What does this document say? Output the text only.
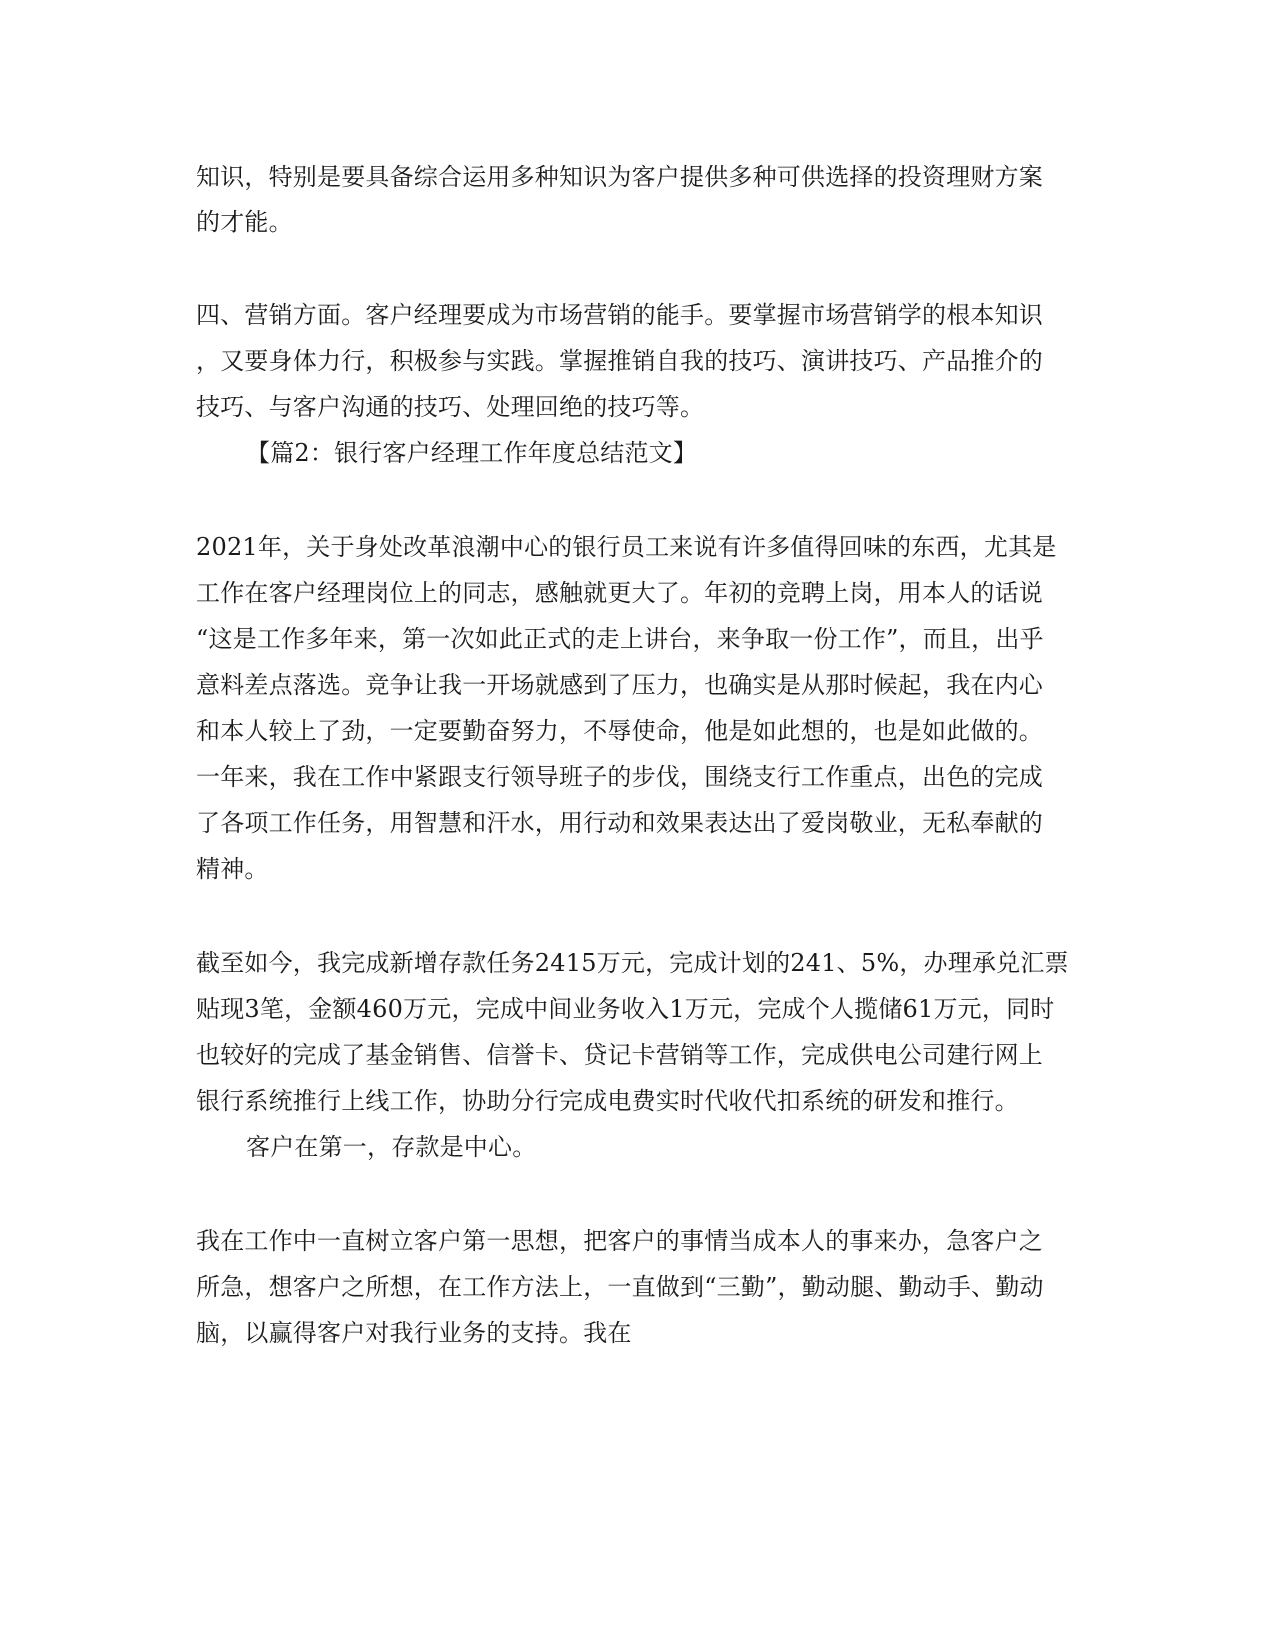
知识，特别是要具备综合运用多种知识为客户提供多种可供选择的投资理财方案
的才能。
四、营销方面。客户经理要成为市场营销的能手。要掌握市场营销学的根本知识
，又要身体力行，积极参与实践。掌握推销自我的技巧、演讲技巧、产品推介的
技巧、与客户沟通的技巧、处理回绝的技巧等。
【篇2：银行客户经理工作年度总结范文】
2021年，关于身处改革浪潮中心的银行员工来说有许多值得回味的东西，尤其是
工作在客户经理岗位上的同志，感触就更大了。年初的竞聘上岗，用本人的话说
“这是工作多年来，第一次如此正式的走上讲台，来争取一份工作”，而且，出乎
意料差点落选。竞争让我一开场就感到了压力，也确实是从那时候起，我在内心
和本人较上了劲，一定要勤奋努力，不辱使命，他是如此想的，也是如此做的。
一年来，我在工作中紧跟支行领导班子的步伐，围绕支行工作重点，出色的完成
了各项工作任务，用智慧和汗水，用行动和效果表达出了爱岗敬业，无私奉献的
精神。
截至如今，我完成新增存款任务2415万元，完成计划的241、5%，办理承兑汇票
贴现3笔，金额460万元，完成中间业务收入1万元，完成个人揽储61万元，同时
也较好的完成了基金销售、信誉卡、贷记卡营销等工作，完成供电公司建行网上
银行系统推行上线工作，协助分行完成电费实时代收代扣系统的研发和推行。
客户在第一，存款是中心。
我在工作中一直树立客户第一思想，把客户的事情当成本人的事来办，急客户之
所急，想客户之所想，在工作方法上，一直做到“三勤”，勤动腿、勤动手、勤动
脑，以赢得客户对我行业务的支持。我在
